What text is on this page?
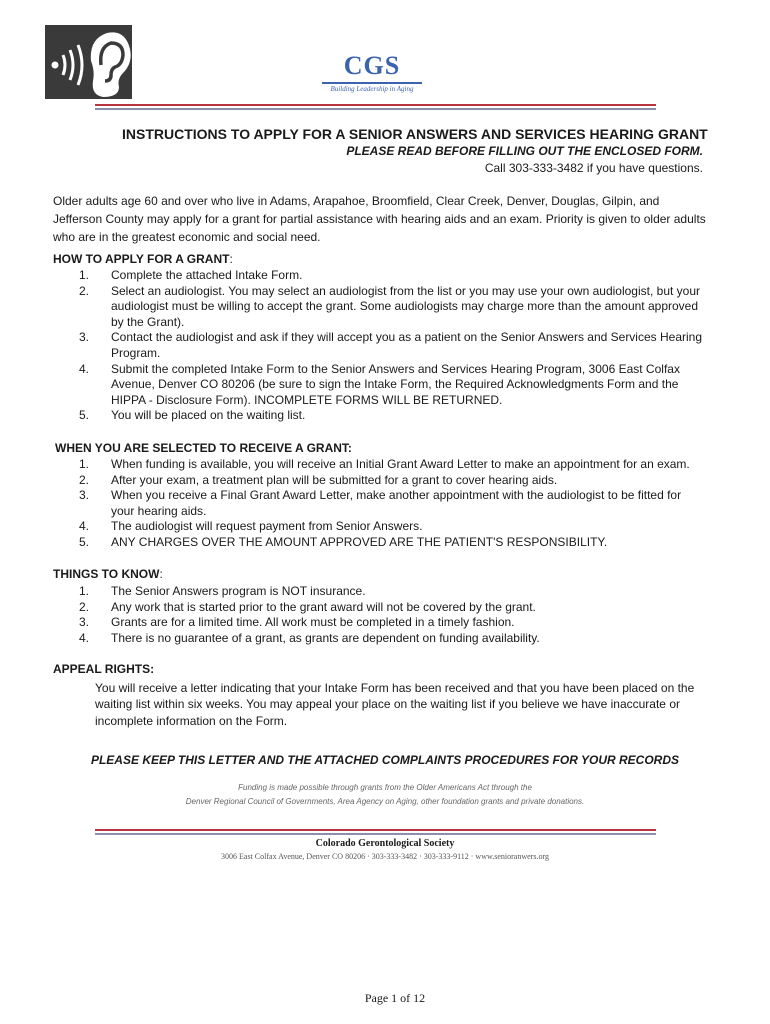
CGS
Building Leadership in Aging
INSTRUCTIONS TO APPLY FOR A SENIOR ANSWERS AND SERVICES HEARING GRANT

PLEASE READ BEFORE FILLING OUT THE ENCLOSED FORM.

Call 303-333-3482 if you have questions.

Older adults age 60 and over who live in Adams, Arapahoe, Broomfield, Clear Creek, Denver, Douglas, Gilpin, and Jefferson County may apply for a grant for partial assistance with hearing aids and an exam. Priority is given to older adults who are in the greatest economic and social need.

HOW TO APPLY FOR A GRANT:
1. Complete the attached Intake Form.
2. Select an audiologist. You may select an audiologist from the list or you may use your own audiologist, but your audiologist must be willing to accept the grant. Some audiologists may charge more than the amount approved by the Grant).
3. Contact the audiologist and ask if they will accept you as a patient on the Senior Answers and Services Hearing Program.
4. Submit the completed Intake Form to the Senior Answers and Services Hearing Program, 3006 East Colfax Avenue, Denver CO 80206 (be sure to sign the Intake Form, the Required Acknowledgments Form and the HIPPA - Disclosure Form). INCOMPLETE FORMS WILL BE RETURNED.
5. You will be placed on the waiting list.
WHEN YOU ARE SELECTED TO RECEIVE A GRANT:
1. When funding is available, you will receive an Initial Grant Award Letter to make an appointment for an exam.
2. After your exam, a treatment plan will be submitted for a grant to cover hearing aids.
3. When you receive a Final Grant Award Letter, make another appointment with the audiologist to be fitted for your hearing aids.
4. The audiologist will request payment from Senior Answers.
5. ANY CHARGES OVER THE AMOUNT APPROVED ARE THE PATIENT'S RESPONSIBILITY.
THINGS TO KNOW:
1. The Senior Answers program is NOT insurance.
2. Any work that is started prior to the grant award will not be covered by the grant.
3. Grants are for a limited time. All work must be completed in a timely fashion.
4. There is no guarantee of a grant, as grants are dependent on funding availability.
APPEAL RIGHTS:

You will receive a letter indicating that your Intake Form has been received and that you have been placed on the waiting list within six weeks. You may appeal your place on the waiting list if you believe we have inaccurate or incomplete information on the Form.

PLEASE KEEP THIS LETTER AND THE ATTACHED COMPLAINTS PROCEDURES FOR YOUR RECORDS

Funding is made possible through grants from the Older Americans Act through the
Denver Regional Council of Governments, Area Agency on Aging, other foundation grants and private donations.

Colorado Gerontological Society

3006 East Colfax Avenue, Denver CO 80206 · 303-333-3482 · 303-333-9112 · www.senioranwers.org

Page 1 of 12
